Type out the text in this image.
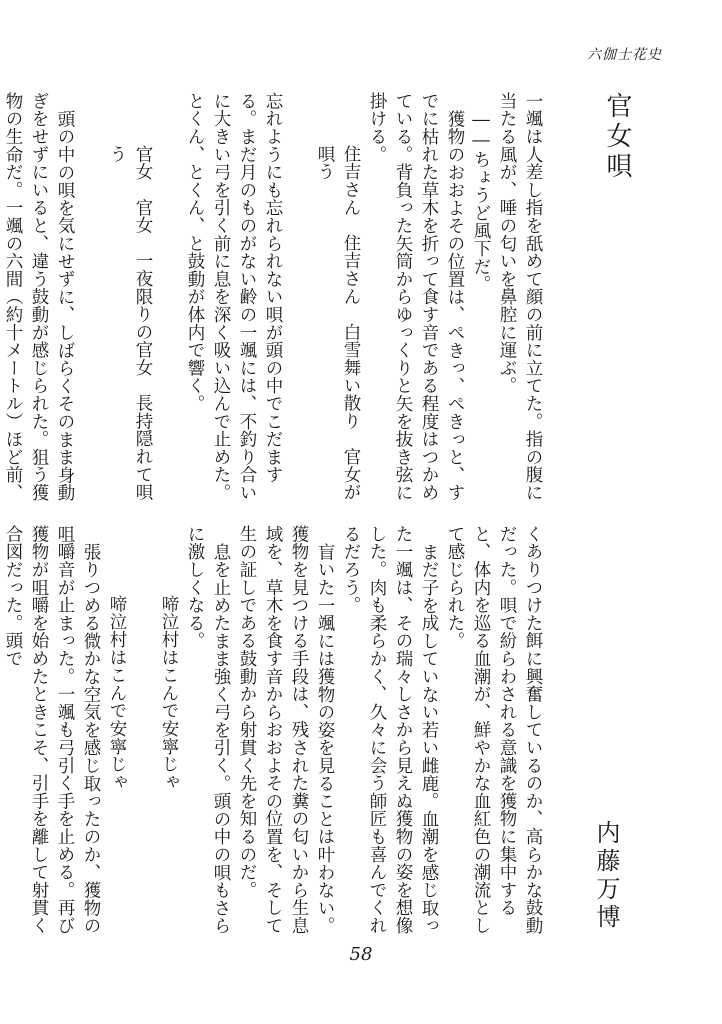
六伽士花史
官女唄

一颯は人差し指を舐めて顔の前に立てた。指の腹に当たる風が、唾の匂いを鼻腔に運ぶ。

――ちょうど風下だ。

獲物のおおよその位置は、ぺきっ、ぺきっと、すでに枯れた草木を折って食す音である程度はつかめている。背負った矢筒からゆっくりと矢を抜き弦に掛ける。

住吉さん　住吉さん　白雪舞い散り　官女が唄う

忘れようにも忘れられない唄が頭の中でこだまする。まだ月のものがない齢の一颯には、不釣り合いに大きい弓を引く前に息を深く吸い込んで止めた。とくん、とくん、と鼓動が体内で響く。

官女　官女　一夜限りの官女　長持隠れて唄う

頭の中の唄を気にせずに、しばらくそのまま身動ぎをせずにいると、違う鼓動が感じられた。狙う獲物の生命だ。一颯の六間（約十メートル）ほど前、

内藤万博

くありつけた餌に興奮しているのか、高らかな鼓動だった。唄で紛らわされる意識を獲物に集中すると、体内を巡る血潮が、鮮やかな血紅色の潮流として感じられた。

まだ子を成していない若い雌鹿。血潮を感じ取った一颯は、その瑞々しさから見えぬ獲物の姿を想像した。肉も柔らかく、久々に会う師匠も喜んでくれるだろう。

盲いた一颯には獲物の姿を見ることは叶わない。獲物を見つける手段は、残された糞の匂いから生息域を、草木を食す音からおおよその位置を、そして生の証しである鼓動から射貫く先を知るのだ。

息を止めたまま強く弓を引く。頭の中の唄もさらに激しくなる。

啼泣村はこんで安寧じゃ

啼泣村はこんで安寧じゃ

張りつめる微かな空気を感じ取ったのか、獲物の咀嚼音が止まった。一颯も弓引く手を止める。再び獲物が咀嚼を始めたときこそ、引手を離して射貫く合図だった。頭で

58
